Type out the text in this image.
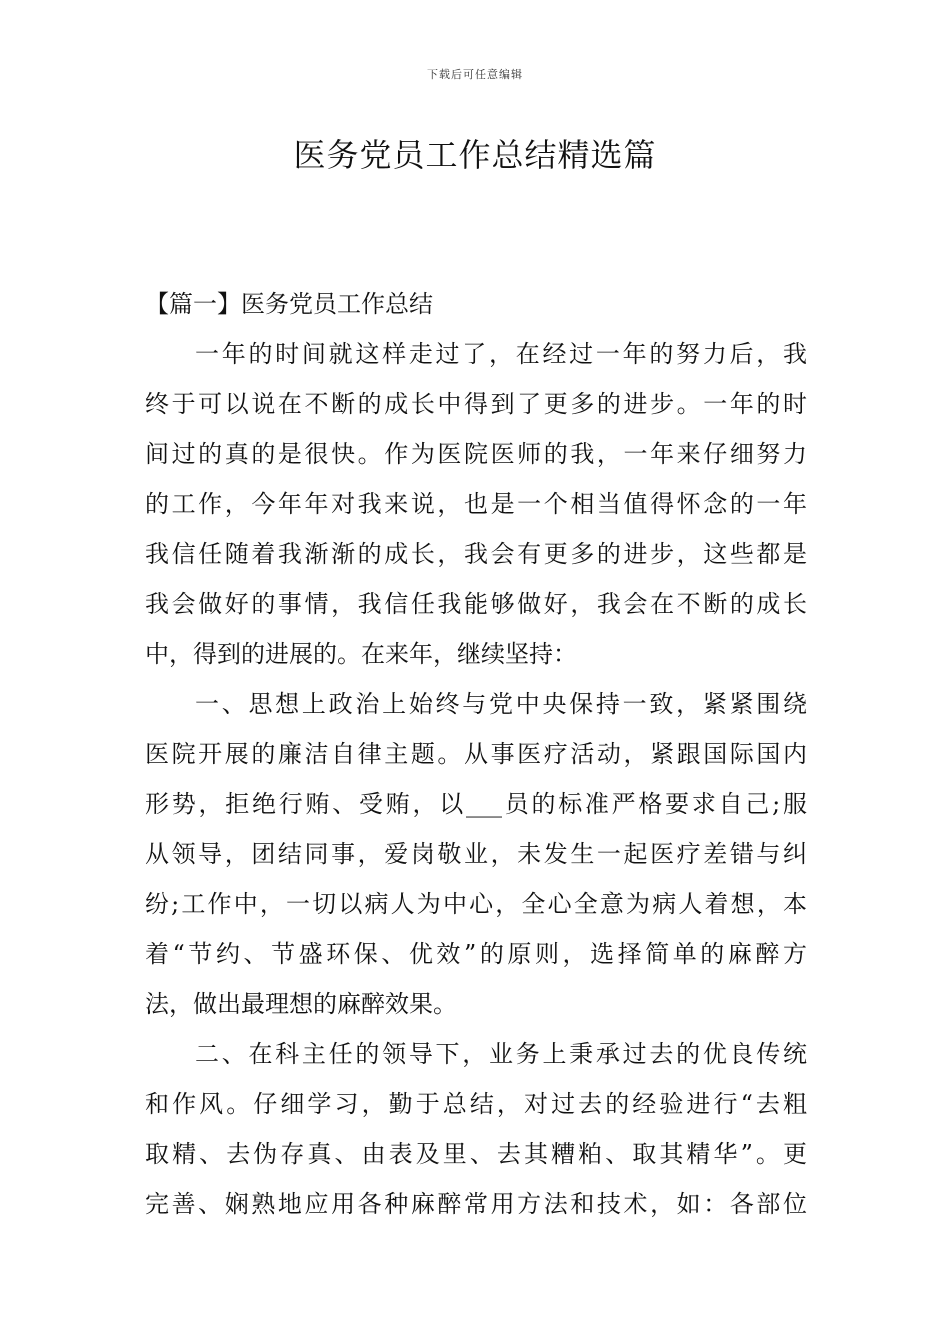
下载后可任意编辑
医务党员工作总结精选篇
【篇一】医务党员工作总结
一年的时间就这样走过了，在经过一年的努力后，我
终于可以说在不断的成长中得到了更多的进步。一年的时
间过的真的是很快。作为医院医师的我，一年来仔细努力
的工作，今年年对我来说，也是一个相当值得怀念的一年
我信任随着我渐渐的成长，我会有更多的进步，这些都是
我会做好的事情，我信任我能够做好，我会在不断的成长
中，得到的进展的。在来年，继续坚持：
一、思想上政治上始终与党中央保持一致，紧紧围绕
医院开展的廉洁自律主题。从事医疗活动，紧跟国际国内
形势，拒绝行贿、受贿，以___员的标准严格要求自己;服
从领导，团结同事，爱岗敬业，未发生一起医疗差错与纠
纷;工作中，一切以病人为中心，全心全意为病人着想，本
着“节约、节盛环保、优效”的原则，选择简单的麻醉方
法，做出最理想的麻醉效果。
二、在科主任的领导下，业务上秉承过去的优良传统
和作风。仔细学习，勤于总结，对过去的经验进行“去粗
取精、去伪存真、由表及里、去其糟粕、取其精华”。更
完善、娴熟地应用各种麻醉常用方法和技术，如：各部位
